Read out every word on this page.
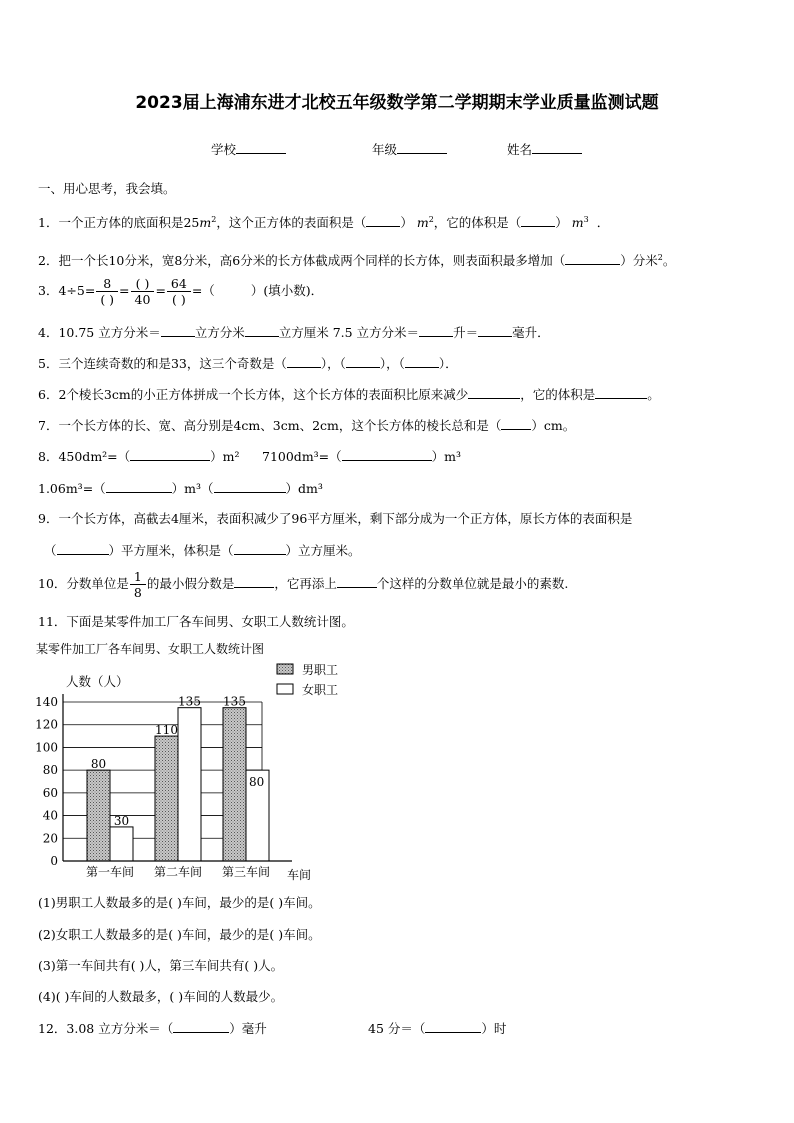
2023届上海浦东进才北校五年级数学第二学期期末学业质量监测试题
学校	年级	姓名
一、用心思考，我会填。
1．一个正方体的底面积是$25m^2$，这个正方体的表面积是（	） $m^2$，它的体积是（	） $m^3$ ．
2．把一个长10分米，宽8分米，高6分米的长方体截成两个同样的长方体，则表面积最多增加（	）分米$^2$。
3．$4\div 5= \frac{8}{( )} = \frac{( )}{40} = \frac{64}{( )}$ =（	）(填小数)．
4．10.75 立方分米＝	立方分米	立方厘米 7.5 立方分米＝	升＝	毫升．
5．三个连续奇数的和是33，这三个奇数是（	），（	），（	）．
6．2个棱长3cm的小正方体拼成一个长方体，这个长方体的表面积比原来减少	，它的体积是	。
7．一个长方体的长、宽、高分别是4cm、3cm、2cm，这个长方体的棱长总和是（ ）cm。
8．450dm²=（	）m² 7100dm³=（	）m³
1.06m³=（	）m³（	）dm³
9．一个长方体，高截去4厘米，表面积减少了96平方厘米，剩下部分成为一个正方体，原长方体的表面积是
（	）平方厘米，体积是（	）立方厘米。
10．分数单位是 $\frac{1}{8}$ 的最小假分数是	，它再添上	个这样的分数单位就是最小的素数.
11．下面是某零件加工厂各车间男、女职工人数统计图。
某零件加工厂各车间男、女职工人数统计图
人数（人）
车间
0
20
40
60
80
100
120
140
80
30
第一车间
110
135
第二车间
135
80
第三车间
男职工
女职工
(1)男职工人数最多的是( )车间，最少的是( )车间。
(2)女职工人数最多的是( )车间，最少的是( )车间。
(3)第一车间共有( )人，第三车间共有( )人。
(4)( )车间的人数最多，( )车间的人数最少。
12．3.08 立方分米＝（	）毫升	45 分＝（	）时
